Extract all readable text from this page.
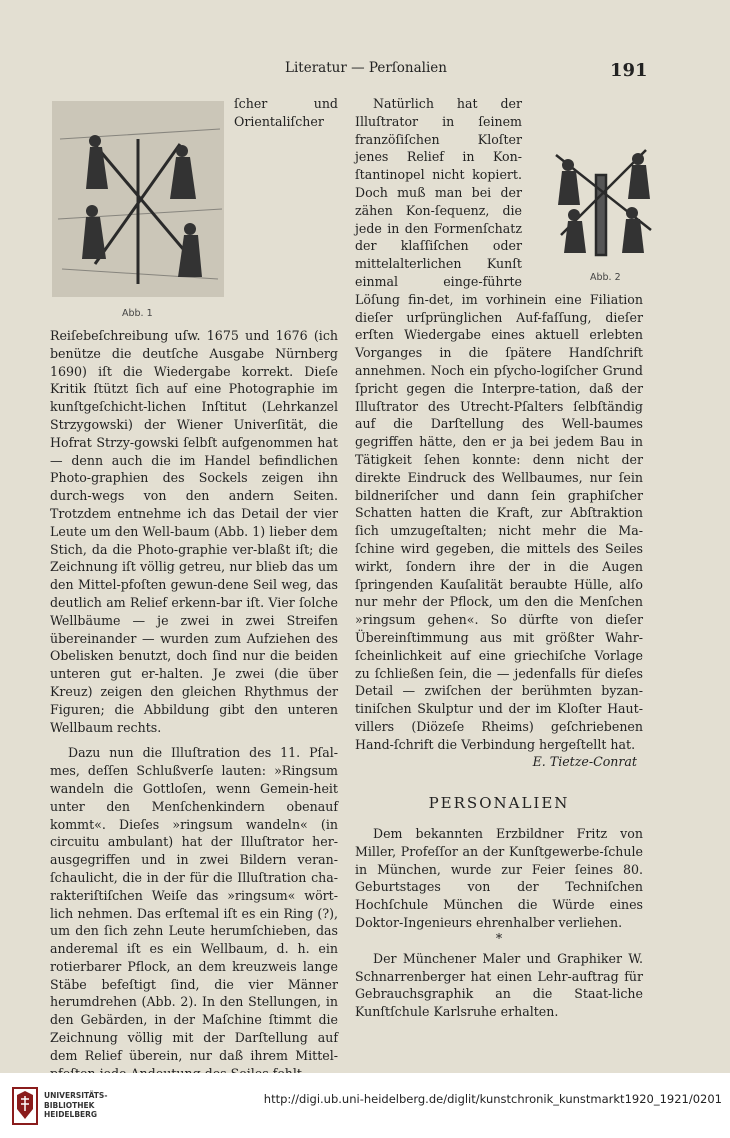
Literatur — Perſonalien	191

Abb. 1
ſcher und Orientaliſcher Reiſebeſchreibung uſw. 1675 und 1676 (ich benütze die deutſche Ausgabe Nürnberg 1690) iſt die Wiedergabe korrekt. Dieſe Kritik ſtützt ſich auf eine Photographie im kunſtgeſchicht-lichen Inſtitut (Lehrkanzel Strzygowski) der Wiener Univerſität, die Hofrat Strzy-gowski ſelbſt aufgenommen hat — denn auch die im Handel befindlichen Photo-graphien des Sockels zeigen ihn durch-wegs von den andern Seiten. Trotzdem entnehme ich das Detail der vier Leute um den Well-baum (Abb. 1) lieber dem Stich, da die Photo-graphie ver-blaßt iſt; die Zeichnung iſt völlig getreu, nur blieb das um den Mittel-pfoſten gewun-dene Seil weg, das deutlich am Relief erkenn-bar iſt. Vier ſolche Wellbäume — je zwei in zwei Streifen übereinander — wurden zum Aufziehen des Obelisken benutzt, doch ſind nur die beiden unteren gut er-halten. Je zwei (die über Kreuz) zeigen den gleichen Rhythmus der Figuren; die Abbildung gibt den unteren Wellbaum rechts.

Dazu nun die Illuſtration des 11. Pſal-mes, deſſen Schlußverſe lauten: »Ringsum wandeln die Gottloſen, wenn Gemein-heit unter den Menſchenkindern obenauf kommt«. Dieſes »ringsum wandeln« (in circuitu ambulant) hat der Illuſtrator her-ausgegriffen und in zwei Bildern veran-ſchaulicht, die in der für die Illuſtration cha-rakteriſtiſchen Weiſe das »ringsum« wört-lich nehmen. Das erſtemal iſt es ein Ring (?), um den ſich zehn Leute herumſchieben, das anderemal iſt es ein Wellbaum, d. h. ein rotierbarer Pflock, an dem kreuzweis lange Stäbe befeſtigt ſind, die vier Männer herumdrehen (Abb. 2). In den Stellungen, in den Gebärden, in der Maſchine ſtimmt die Zeichnung völlig mit der Darſtellung auf dem Relief überein, nur daß ihrem Mittel-

Abb. 2
Natürlich hat der Illuſtrator in ſeinem franzöſiſchen Kloſter jenes Relief in Kon-ſtantinopel nicht kopiert. Doch muß man bei der zähen Kon-ſequenz, die jede in den Formenſchatz der klaſſiſchen oder mittelalterlichen Kunſt einmal einge-führte Löſung fin-det, im vorhinein eine Filiation dieſer urſprünglichen Auf-faſſung, dieſer erſten Wiedergabe eines aktuell erlebten Vorganges in die ſpätere Handſchrift annehmen. Noch ein pſycho-logiſcher Grund ſpricht gegen die Interpre-tation, daß der Illuſtrator des Utrecht-Pſalters ſelbſtändig auf die Darſtellung des Well-baumes gegriffen hätte, den er ja bei jedem Bau in Tätigkeit ſehen konnte: denn nicht der direkte Eindruck des Wellbaumes, nur ſein bildneriſcher und dann ſein graphiſcher Schatten hatten die Kraft, zur Abſtraktion ſich umzugeſtalten; nicht mehr die Ma-ſchine wird gegeben, die mittels des Seiles wirkt, ſondern ihre der in die Augen ſpringenden Kauſalität beraubte Hülle, alſo nur mehr der Pflock, um den die Menſchen »ringsum gehen«. So dürfte von dieſer Übereinſtimmung aus mit größter Wahr-ſcheinlichkeit auf eine griechiſche Vorlage zu ſchließen ſein, die — jedenfalls für dieſes Detail — zwiſchen der berühmten byzan-tiniſchen Skulptur und der im Kloſter Haut-villers (Diözeſe Rheims) geſchriebenen Hand-ſchrift die Verbindung hergeſtellt hat.

E. Tietze-Conrat
PERSONALIEN

Dem bekannten Erzbildner Fritz von Miller, Profeſſor an der Kunſtgewerbe-ſchule in München, wurde zur Feier ſeines 80. Geburtstages von der Techniſchen Hochſchule München die Würde eines Doktor-Ingenieurs ehrenhalber verliehen.

*

Der Münchener Maler und Graphiker W. Schnarrenberger hat einen Lehr-auftrag für Gebrauchsgraphik an die Staat-liche Kunſtſchule Karlsruhe erhalten.

UNIVERSITÄTS-
BIBLIOTHEK
HEIDELBERG
http://digi.ub.uni-heidelberg.de/diglit/kunstchronik_kunstmarkt1920_1921/0201
